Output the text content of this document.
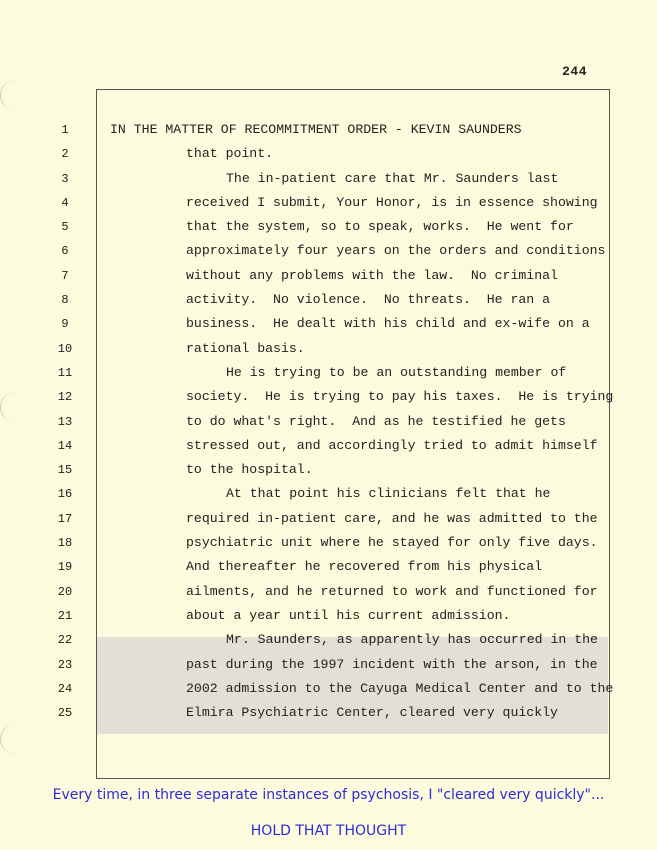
244
1	IN THE MATTER OF RECOMMITMENT ORDER - KEVIN SAUNDERS
2	that point.
3	The in-patient care that Mr. Saunders last
4	received I submit, Your Honor, is in essence showing
5	that the system, so to speak, works.  He went for
6	approximately four years on the orders and conditions
7	without any problems with the law.  No criminal
8	activity.  No violence.  No threats.  He ran a
9	business.  He dealt with his child and ex-wife on a
10	rational basis.
11	He is trying to be an outstanding member of
12	society.  He is trying to pay his taxes.  He is trying
13	to do what's right.  And as he testified he gets
14	stressed out, and accordingly tried to admit himself
15	to the hospital.
16	At that point his clinicians felt that he
17	required in-patient care, and he was admitted to the
18	psychiatric unit where he stayed for only five days.
19	And thereafter he recovered from his physical
20	ailments, and he returned to work and functioned for
21	about a year until his current admission.
22	Mr. Saunders, as apparently has occurred in the
23	past during the 1997 incident with the arson, in the
24	2002 admission to the Cayuga Medical Center and to the
25	Elmira Psychiatric Center, cleared very quickly
Every time, in three separate instances of psychosis, I "cleared very quickly"...
HOLD THAT THOUGHT
